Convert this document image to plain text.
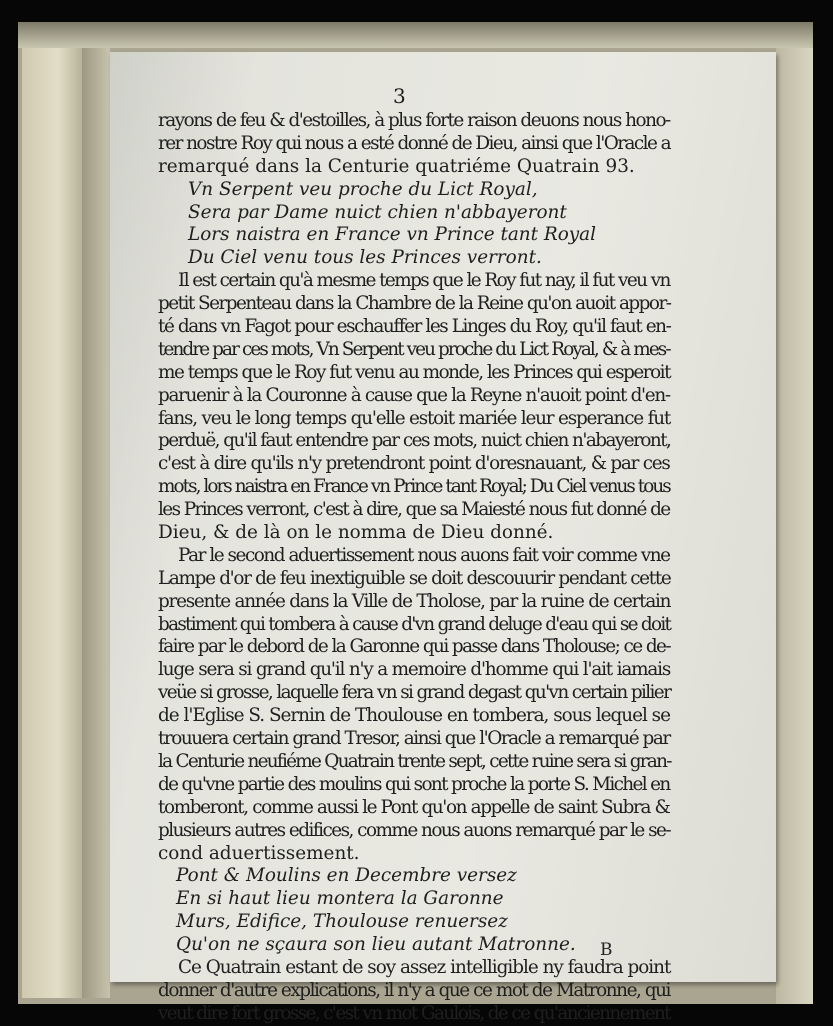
3
rayons de feu & d'estoilles, à plus forte raison deuons nous hono-
rer nostre Roy qui nous a esté donné de Dieu, ainsi que l'Oracle a
remarqué dans la Centurie quatriéme Quatrain 93.
Vn Serpent veu proche du Lict Royal,
Sera par Dame nuict chien n'abbayeront
Lors naistra en France vn Prince tant Royal
Du Ciel venu tous les Princes verront.
Il est certain qu'à mesme temps que le Roy fut nay, il fut veu vn
petit Serpenteau dans la Chambre de la Reine qu'on auoit appor-
té dans vn Fagot pour eschauffer les Linges du Roy, qu'il faut en-
tendre par ces mots, Vn Serpent veu proche du Lict Royal, & à mes-
me temps que le Roy fut venu au monde, les Princes qui esperoit
paruenir à la Couronne à cause que la Reyne n'auoit point d'en-
fans, veu le long temps qu'elle estoit mariée leur esperance fut
perduë, qu'il faut entendre par ces mots, nuict chien n'abayeront,
c'est à dire qu'ils n'y pretendront point d'oresnauant, & par ces
mots, lors naistra en France vn Prince tant Royal; Du Ciel venus tous
les Princes verront, c'est à dire, que sa Maiesté nous fut donné de
Dieu, & de là on le nomma de Dieu donné.
Par le second aduertissement nous auons fait voir comme vne
Lampe d'or de feu inextiguible se doit descouurir pendant cette
presente année dans la Ville de Tholose, par la ruine de certain
bastiment qui tombera à cause d'vn grand deluge d'eau qui se doit
faire par le debord de la Garonne qui passe dans Tholouse; ce de-
luge sera si grand qu'il n'y a memoire d'homme qui l'ait iamais
veüe si grosse, laquelle fera vn si grand degast qu'vn certain pilier
de l'Eglise S. Sernin de Thoulouse en tombera, sous lequel se
trouuera certain grand Tresor, ainsi que l'Oracle a remarqué par
la Centurie neufiéme Quatrain trente sept, cette ruine sera si gran-
de qu'vne partie des moulins qui sont proche la porte S. Michel en
tomberont, comme aussi le Pont qu'on appelle de saint Subra &
plusieurs autres edifices, comme nous auons remarqué par le se-
cond aduertissement.
Pont & Moulins en Decembre versez
En si haut lieu montera la Garonne
Murs, Edifice, Thoulouse renuersez
Qu'on ne sçaura son lieu autant Matronne.
Ce Quatrain estant de soy assez intelligible ny faudra point
donner d'autre explications, il n'y a que ce mot de Matronne, qui
veut dire fort grosse, c'est vn mot Gaulois, de ce qu'anciennement
B
